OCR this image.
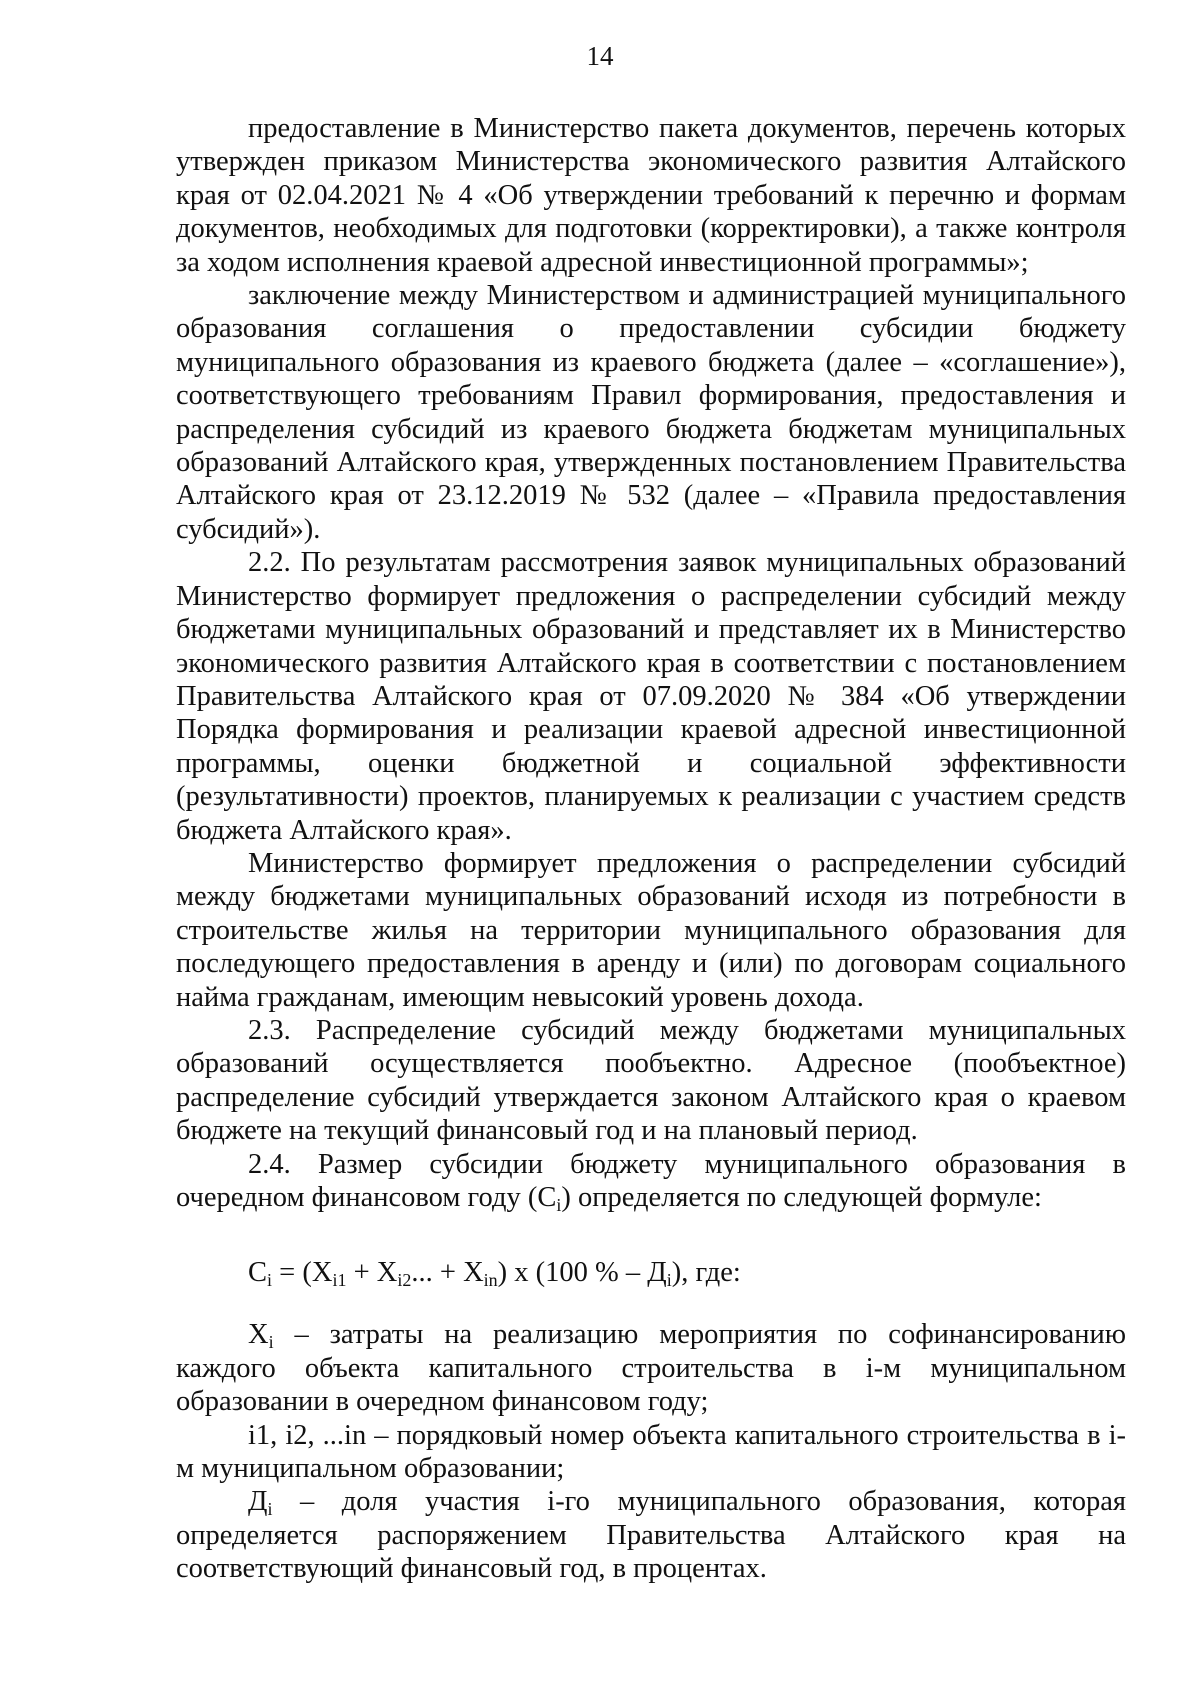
14

предоставление в Министерство пакета документов, перечень которых утвержден приказом Министерства экономического развития Алтайского края от 02.04.2021 № 4 «Об утверждении требований к перечню и формам документов, необходимых для подготовки (корректировки), а также контроля за ходом исполнения краевой адресной инвестиционной программы»;

заключение между Министерством и администрацией муниципального образования соглашения о предоставлении субсидии бюджету муниципального образования из краевого бюджета (далее – «соглашение»), соответствующего требованиям Правил формирования, предоставления и распределения субсидий из краевого бюджета бюджетам муниципальных образований Алтайского края, утвержденных постановлением Правительства Алтайского края от 23.12.2019 № 532 (далее – «Правила предоставления субсидий»).

2.2. По результатам рассмотрения заявок муниципальных образований Министерство формирует предложения о распределении субсидий между бюджетами муниципальных образований и представляет их в Министерство экономического развития Алтайского края в соответствии с постановлением Правительства Алтайского края от 07.09.2020 № 384 «Об утверждении Порядка формирования и реализации краевой адресной инвестиционной программы, оценки бюджетной и социальной эффективности (результативности) проектов, планируемых к реализации с участием средств бюджета Алтайского края».

Министерство формирует предложения о распределении субсидий между бюджетами муниципальных образований исходя из потребности в строительстве жилья на территории муниципального образования для последующего предоставления в аренду и (или) по договорам социального найма гражданам, имеющим невысокий уровень дохода.

2.3. Распределение субсидий между бюджетами муниципальных образований осуществляется пообъектно. Адресное (пообъектное) распределение субсидий утверждается законом Алтайского края о краевом бюджете на текущий финансовый год и на плановый период.

2.4. Размер субсидии бюджету муниципального образования в очередном финансовом году $(С_i)$ определяется по следующей формуле:

$С_i = (Х_{i1} + Х_{i2}$... + $Х_{in}$) х (100 % – $Д_i$), где:

$Х_i$ – затраты на реализацию мероприятия по софинансированию каждого объекта капитального строительства в i-м муниципальном образовании в очередном финансовом году;

i1, i2, ...in – порядковый номер объекта капитального строительства в i-м муниципальном образовании;

$Д_i$ – доля участия i-го муниципального образования, которая определяется распоряжением Правительства Алтайского края на соответствующий финансовый год, в процентах.
